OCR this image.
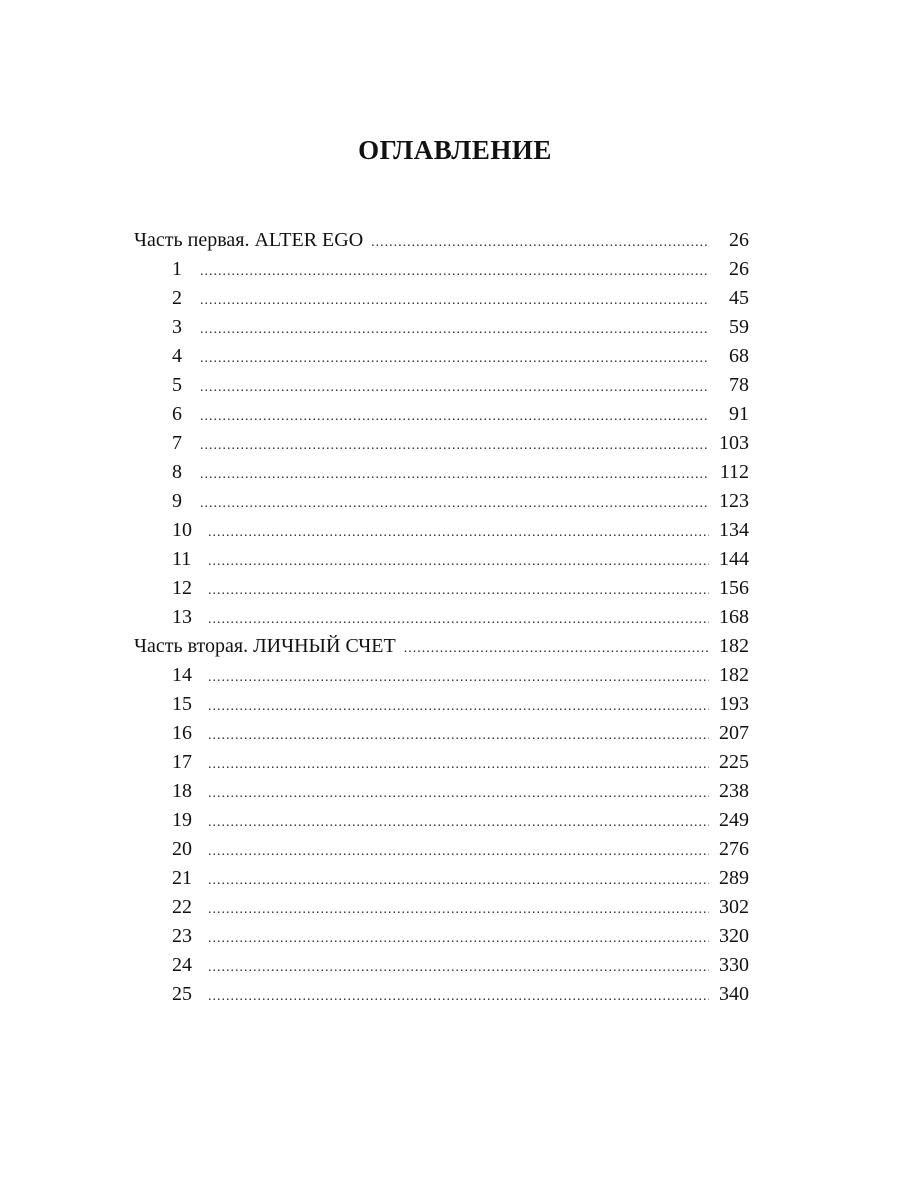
ОГЛАВЛЕНИЕ
Часть первая. ALTER EGO .....	26
1 .....	26
2 .....	45
3 .....	59
4 .....	68
5 .....	78
6 .....	91
7 .....	103
8 .....	112
9 .....	123
10 .....	134
11 .....	144
12 .....	156
13 .....	168
Часть вторая. ЛИЧНЫЙ СЧЕТ .....	182
14 .....	182
15 .....	193
16 .....	207
17 .....	225
18 .....	238
19 .....	249
20 .....	276
21 .....	289
22 .....	302
23 .....	320
24 .....	330
25 .....	340
